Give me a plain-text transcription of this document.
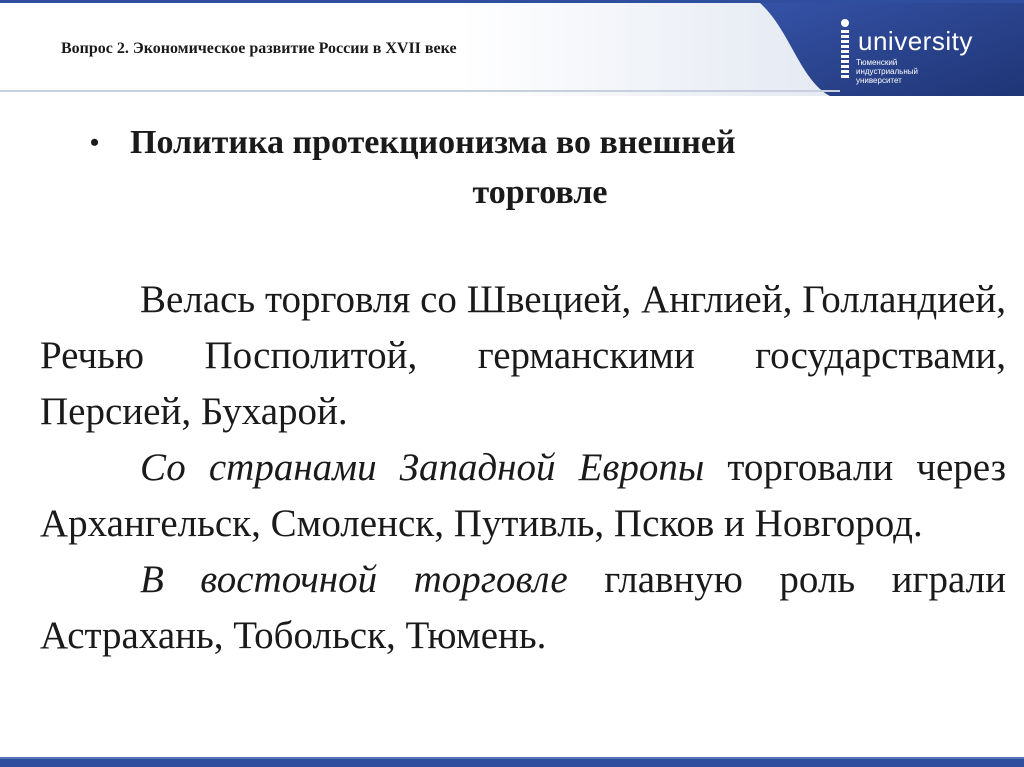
Вопрос 2. Экономическое развитие России в XVII веке	university
Тюменский
индустриальный
университет
• Политика протекционизма во внешней
торговле

Велась торговля со Швецией, Англией, Голландией, Речью Посполитой, германскими государствами, Персией, Бухарой.

Со странами Западной Европы торговали через Архангельск, Смоленск, Путивль, Псков и Новгород.

В восточной торговле главную роль играли Астрахань, Тобольск, Тюмень.
